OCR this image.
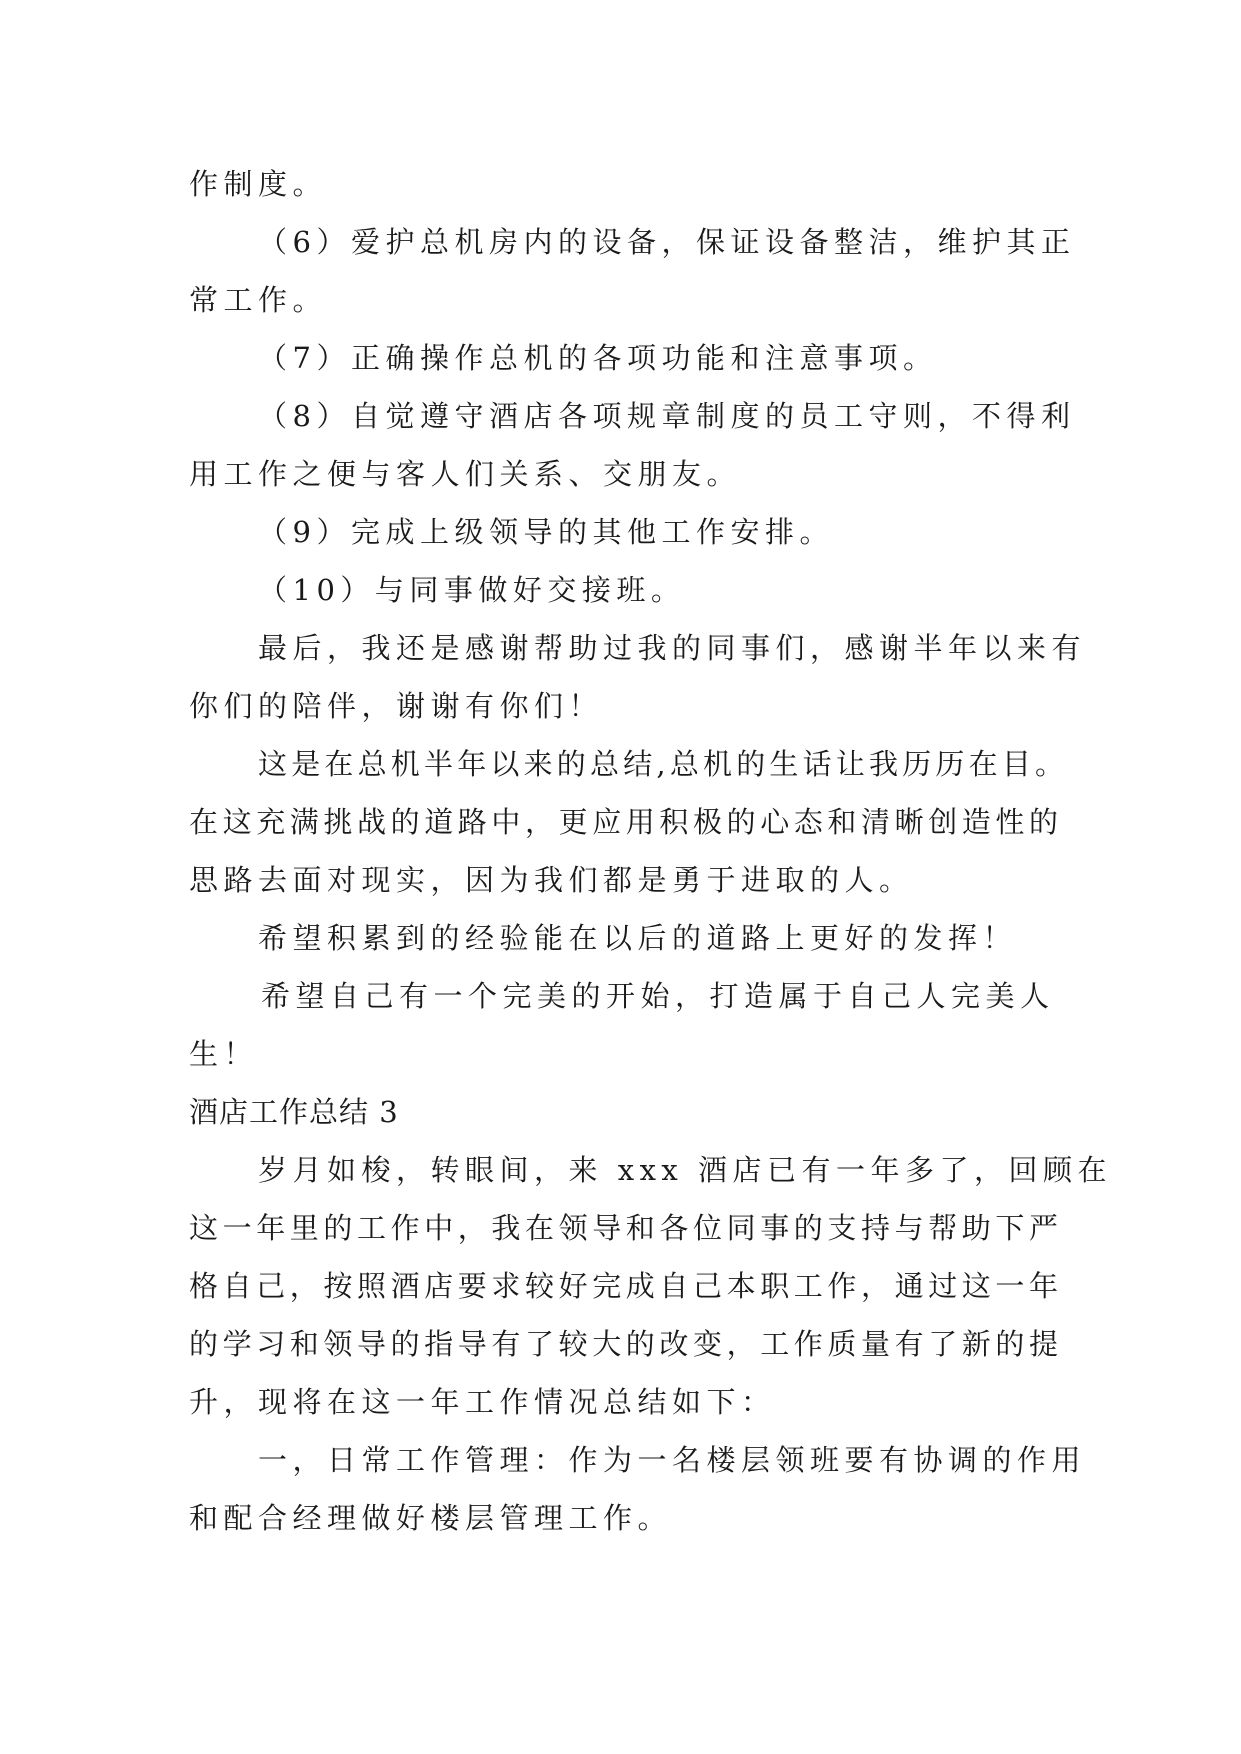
作制度。
（6）爱护总机房内的设备，保证设备整洁，维护其正
常工作。
（7）正确操作总机的各项功能和注意事项。
（8）自觉遵守酒店各项规章制度的员工守则，不得利
用工作之便与客人们关系、交朋友。
（9）完成上级领导的其他工作安排。
（10）与同事做好交接班。
最后，我还是感谢帮助过我的同事们，感谢半年以来有
你们的陪伴，谢谢有你们！
这是在总机半年以来的总结,总机的生话让我历历在目。
在这充满挑战的道路中，更应用积极的心态和清晰创造性的
思路去面对现实，因为我们都是勇于进取的人。
希望积累到的经验能在以后的道路上更好的发挥！
希望自己有一个完美的开始，打造属于自己人完美人
生！
酒店工作总结 3
岁月如梭，转眼间，来 xxx 酒店已有一年多了，回顾在
这一年里的工作中，我在领导和各位同事的支持与帮助下严
格自己，按照酒店要求较好完成自己本职工作，通过这一年
的学习和领导的指导有了较大的改变，工作质量有了新的提
升，现将在这一年工作情况总结如下：
一，日常工作管理：作为一名楼层领班要有协调的作用
和配合经理做好楼层管理工作。
